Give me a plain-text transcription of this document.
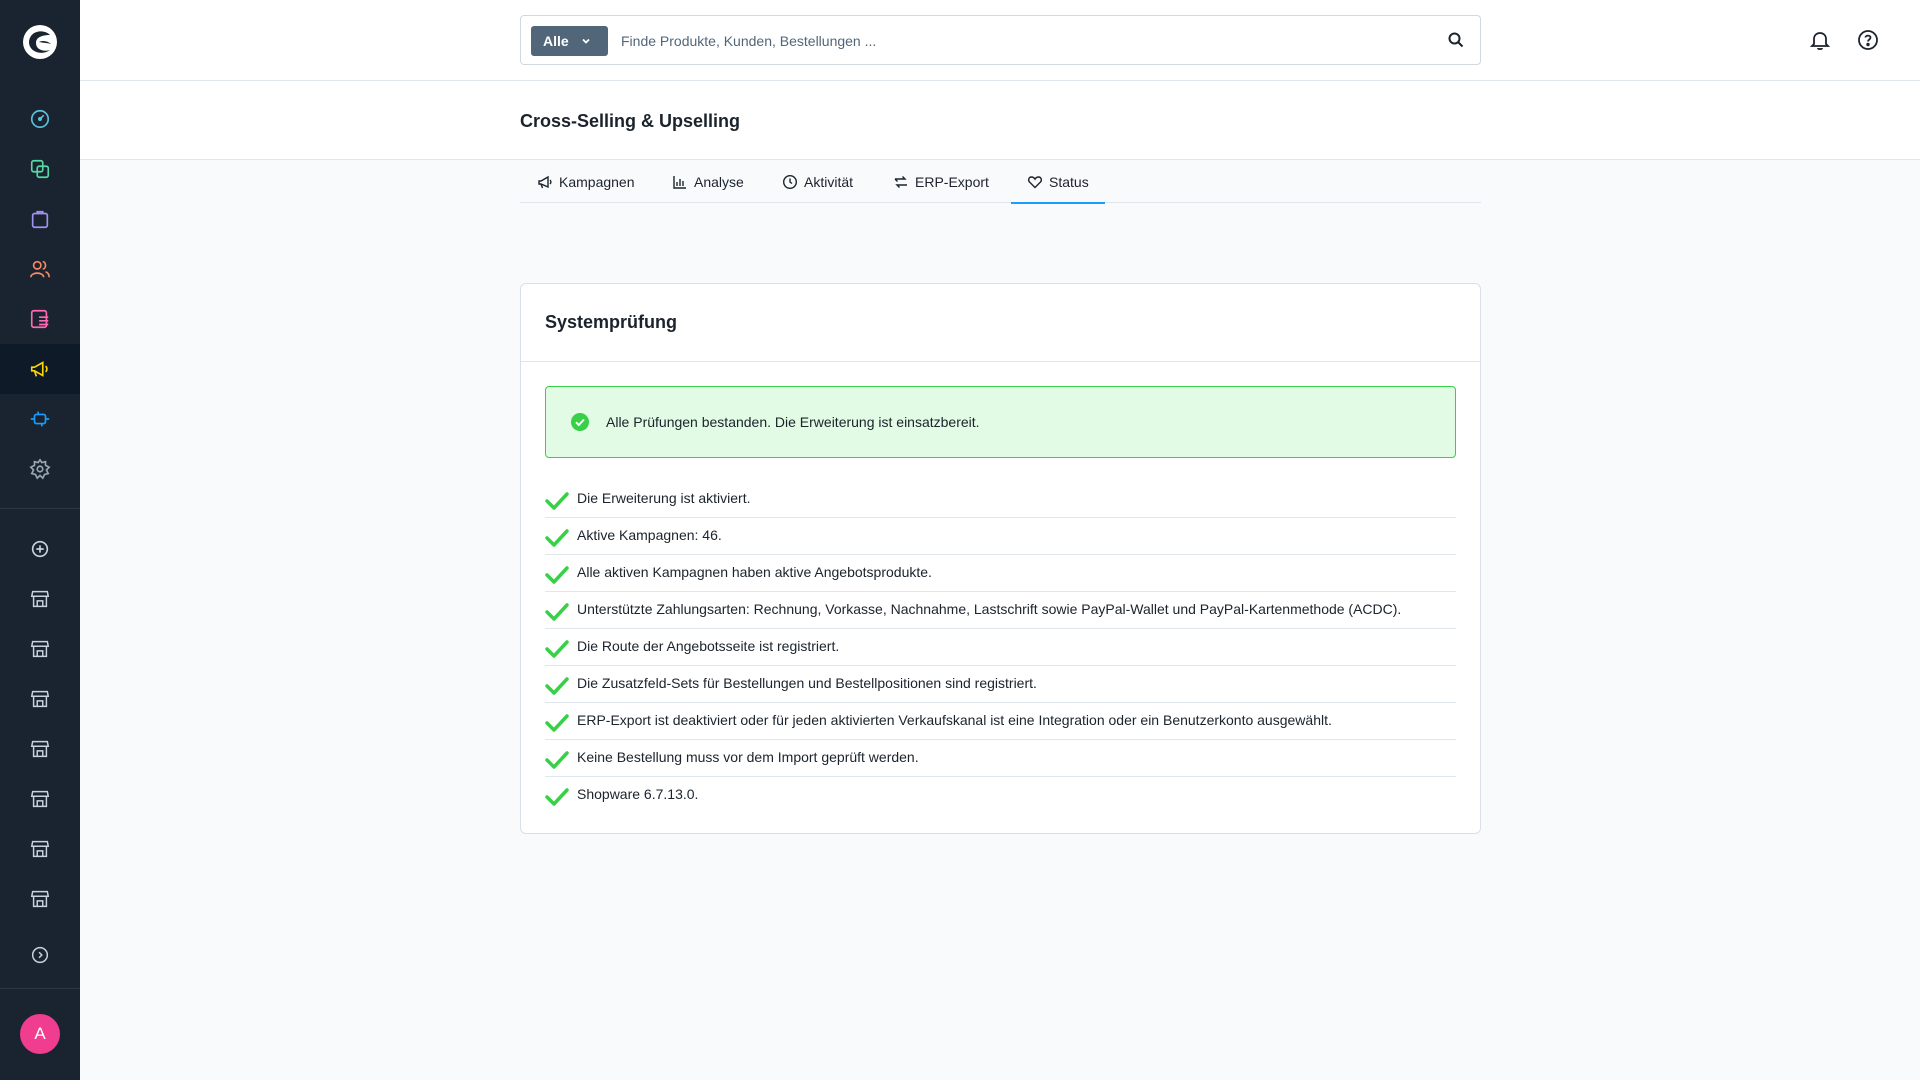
A
Alle
Finde Produkte, Kunden, Bestellungen ...
Cross-Selling & Upselling
Kampagnen	Analyse	Aktivität	ERP-Export	Status
Systemprüfung
Alle Prüfungen bestanden. Die Erweiterung ist einsatzbereit.
Die Erweiterung ist aktiviert.
Aktive Kampagnen: 46.
Alle aktiven Kampagnen haben aktive Angebotsprodukte.
Unterstützte Zahlungsarten: Rechnung, Vorkasse, Nachnahme, Lastschrift sowie PayPal-Wallet und PayPal-Kartenmethode (ACDC).
Die Route der Angebotsseite ist registriert.
Die Zusatzfeld-Sets für Bestellungen und Bestellpositionen sind registriert.
ERP-Export ist deaktiviert oder für jeden aktivierten Verkaufskanal ist eine Integration oder ein Benutzerkonto ausgewählt.
Keine Bestellung muss vor dem Import geprüft werden.
Shopware 6.7.13.0.
